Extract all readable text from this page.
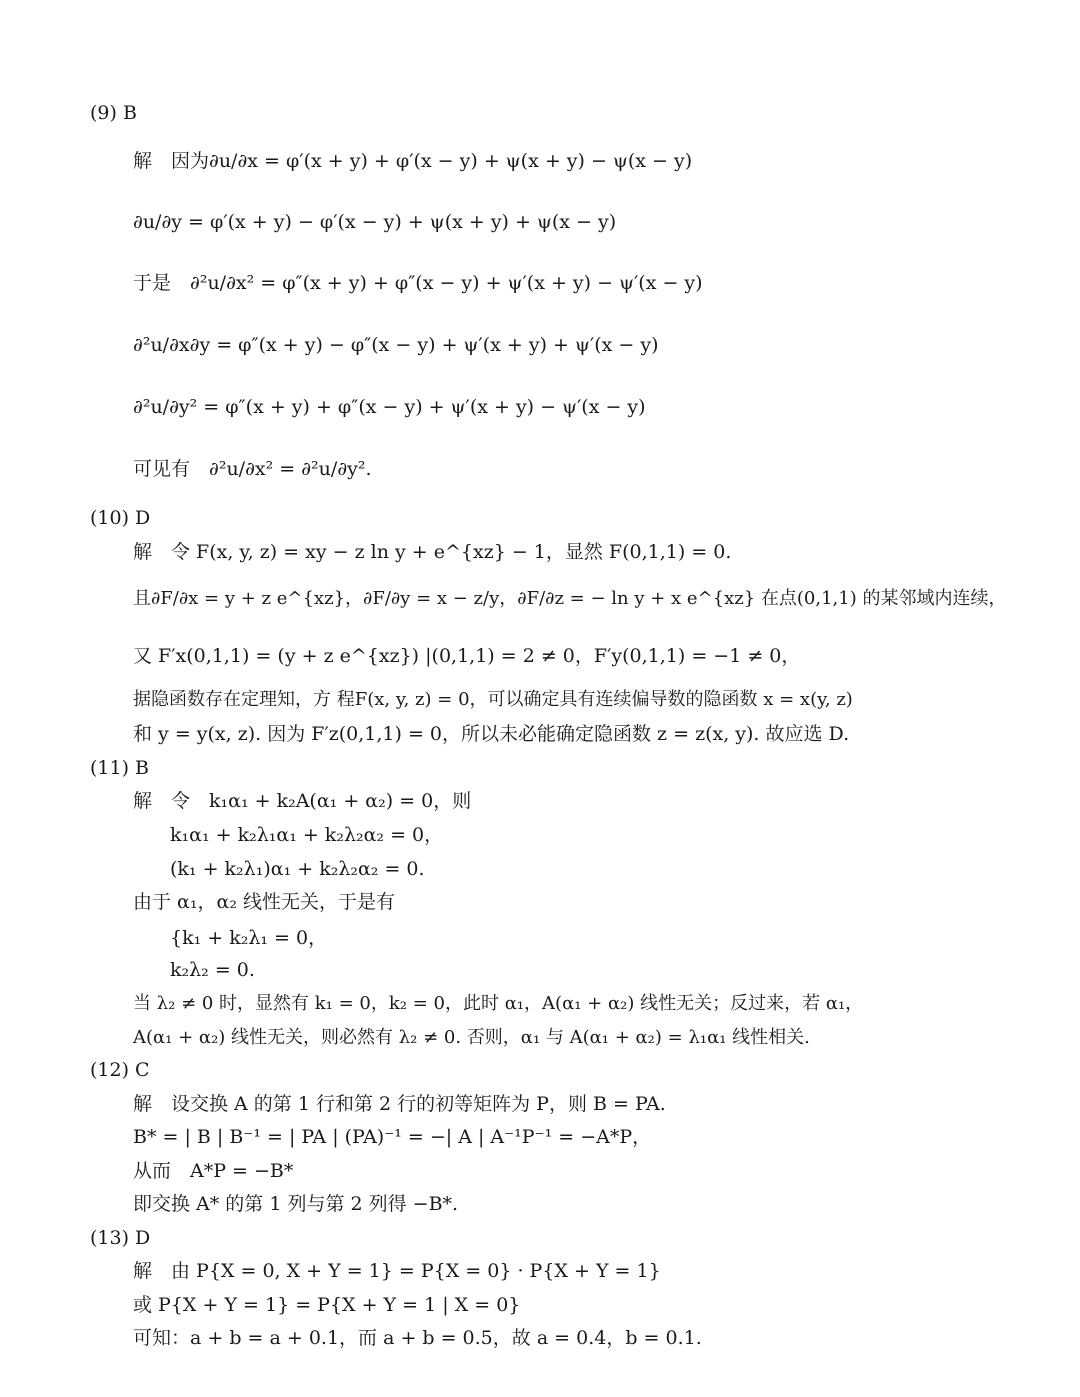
(9) B
解　因为∂u/∂x = φ′(x + y) + φ′(x − y) + ψ(x + y) − ψ(x − y)
∂u/∂y = φ′(x + y) − φ′(x − y) + ψ(x + y) + ψ(x − y)
于是　∂²u/∂x² = φ″(x + y) + φ″(x − y) + ψ′(x + y) − ψ′(x − y)
∂²u/∂x∂y = φ″(x + y) − φ″(x − y) + ψ′(x + y) + ψ′(x − y)
∂²u/∂y² = φ″(x + y) + φ″(x − y) + ψ′(x + y) − ψ′(x − y)
可见有　∂²u/∂x² = ∂²u/∂y².
(10) D
解　令 F(x, y, z) = xy − z ln y + e^{xz} − 1，显然 F(0,1,1) = 0.
且∂F/∂x = y + z e^{xz}，∂F/∂y = x − z/y，∂F/∂z = − ln y + x e^{xz} 在点(0,1,1) 的某邻域内连续，
又 F′x(0,1,1) = (y + z e^{xz}) |(0,1,1) = 2 ≠ 0，F′y(0,1,1) = −1 ≠ 0，
据隐函数存在定理知，方 程F(x, y, z) = 0，可以确定具有连续偏导数的隐函数 x = x(y, z)
和 y = y(x, z). 因为 F′z(0,1,1) = 0，所以未必能确定隐函数 z = z(x, y). 故应选 D.
(11) B
解　令　k₁α₁ + k₂A(α₁ + α₂) = 0，则
k₁α₁ + k₂λ₁α₁ + k₂λ₂α₂ = 0，
(k₁ + k₂λ₁)α₁ + k₂λ₂α₂ = 0.
由于 α₁，α₂ 线性无关，于是有
{k₁ + k₂λ₁ = 0，
k₂λ₂ = 0.
当 λ₂ ≠ 0 时，显然有 k₁ = 0，k₂ = 0，此时 α₁，A(α₁ + α₂) 线性无关；反过来，若 α₁，
A(α₁ + α₂) 线性无关，则必然有 λ₂ ≠ 0. 否则，α₁ 与 A(α₁ + α₂) = λ₁α₁ 线性相关.
(12) C
解　设交换 A 的第 1 行和第 2 行的初等矩阵为 P，则 B = PA.
B* = | B | B⁻¹ = | PA | (PA)⁻¹ = −| A | A⁻¹P⁻¹ = −A*P，
从而　A*P = −B*
即交换 A* 的第 1 列与第 2 列得 −B*.
(13) D
解　由 P{X = 0, X + Y = 1} = P{X = 0} · P{X + Y = 1}
或 P{X + Y = 1} = P{X + Y = 1 | X = 0}
可知：a + b = a + 0.1，而 a + b = 0.5，故 a = 0.4，b = 0.1.
